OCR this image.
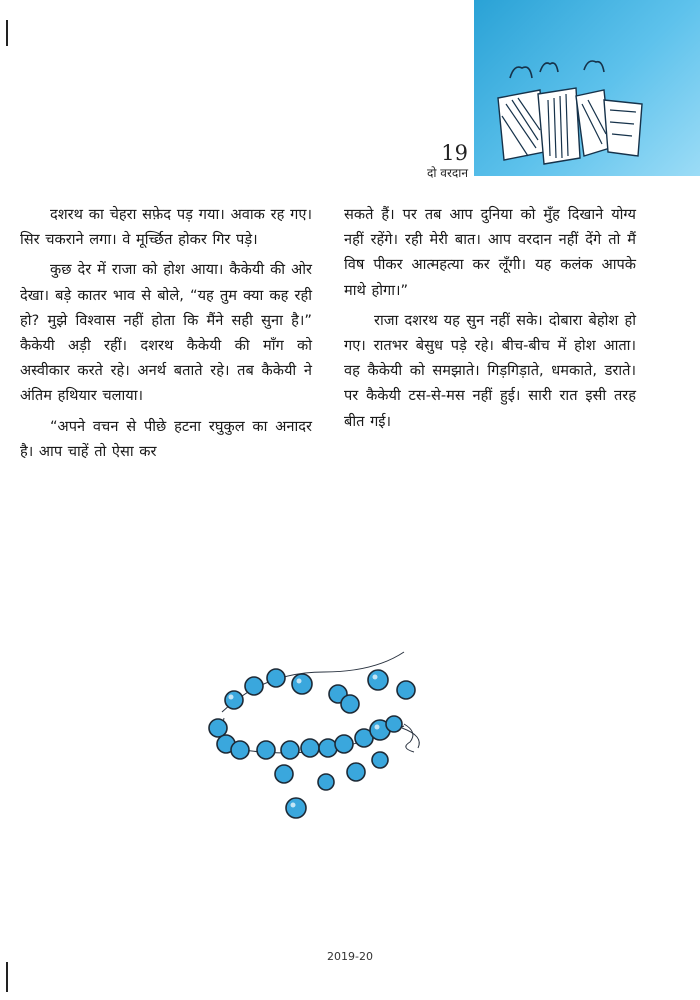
19
दो वरदान

दशरथ का चेहरा सफ़ेद पड़ गया। अवाक रह गए। सिर चकराने लगा। वे मूर्च्छित होकर गिर पड़े।

कुछ देर में राजा को होश आया। कैकेयी की ओर देखा। बड़े कातर भाव से बोले, “यह तुम क्या कह रही हो? मुझे विश्वास नहीं होता कि मैंने सही सुना है।” कैकेयी अड़ी रहीं। दशरथ कैकेयी की माँग को अस्वीकार करते रहे। अनर्थ बताते रहे। तब कैकेयी ने अंतिम हथियार चलाया।

“अपने वचन से पीछे हटना रघुकुल का अनादर है। आप चाहें तो ऐसा कर

सकते हैं। पर तब आप दुनिया को मुँह दिखाने योग्य नहीं रहेंगे। रही मेरी बात। आप वरदान नहीं देंगे तो मैं विष पीकर आत्महत्या कर लूँगी। यह कलंक आपके माथे होगा।”

राजा दशरथ यह सुन नहीं सके। दोबारा बेहोश हो गए। रातभर बेसुध पड़े रहे। बीच-बीच में होश आता। वह कैकेयी को समझाते। गिड़गिड़ाते, धमकाते, डराते। पर कैकेयी टस-से-मस नहीं हुई। सारी रात इसी तरह बीत गई।

2019-20
